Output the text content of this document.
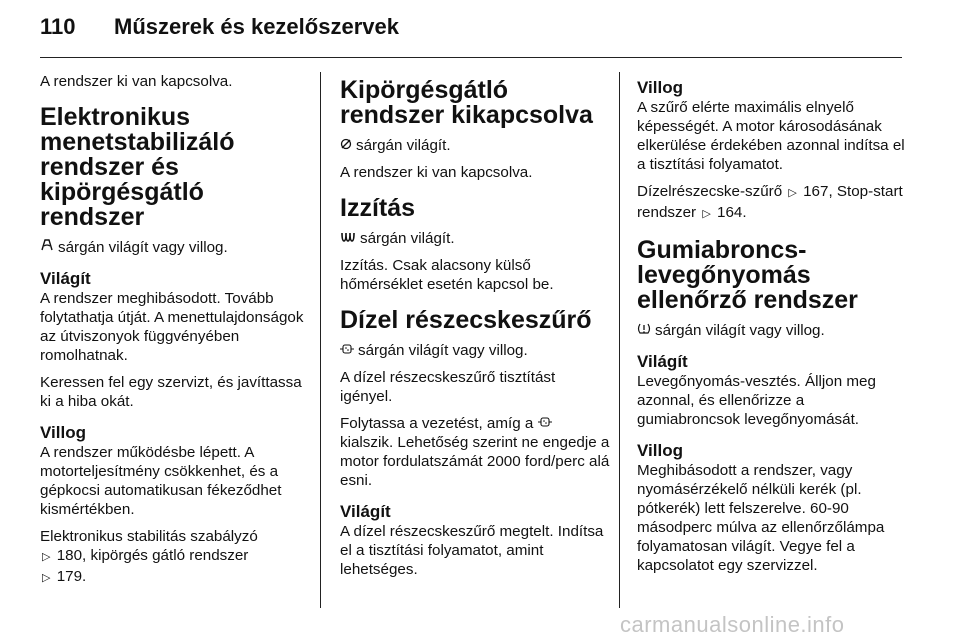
110 Műszerek és kezelőszervek

A rendszer ki van kapcsolva.

Elektronikus menetstabilizáló rendszer és kipörgésgátló rendszer

sárgán világít vagy villog.

Világít

A rendszer meghibásodott. Tovább folytathatja útját. A menettulajdonságok az útviszonyok függvényében romolhatnak.

Keressen fel egy szervizt, és javíttassa ki a hiba okát.

Villog

A rendszer működésbe lépett. A motorteljesítmény csökkenhet, és a gépkocsi automatikusan fékeződhet kismértékben.

Elektronikus stabilitás szabályzó
▷ 180, kipörgés gátló rendszer
▷ 179.

Kipörgésgátló rendszer kikapcsolva

sárgán világít.

A rendszer ki van kapcsolva.

Izzítás

sárgán világít.

Izzítás. Csak alacsony külső hőmérséklet esetén kapcsol be.

Dízel részecskeszűrő

sárgán világít vagy villog.

A dízel részecskeszűrő tisztítást igényel.

Folytassa a vezetést, amíg a
kialszik. Lehetőség szerint ne engedje a motor fordulatszámát 2000 ford/perc alá esni.

Világít

A dízel részecskeszűrő megtelt. Indítsa el a tisztítási folyamatot, amint lehetséges.

Villog

A szűrő elérte maximális elnyelő képességét. A motor károsodásának elkerülése érdekében azonnal indítsa el a tisztítási folyamatot.

Dízelrészecske-szűrő ▷ 167, Stop-start rendszer ▷ 164.

Gumiabroncs-levegőnyomás ellenőrző rendszer

sárgán világít vagy villog.

Világít

Levegőnyomás-vesztés. Álljon meg azonnal, és ellenőrizze a gumiabroncsok levegőnyomását.

Villog

Meghibásodott a rendszer, vagy nyomásérzékelő nélküli kerék (pl. pótkerék) lett felszerelve. 60-90 másodperc múlva az ellenőrzőlámpa folyamatosan világít. Vegye fel a kapcsolatot egy szervizzel.

carmanualsonline.info
